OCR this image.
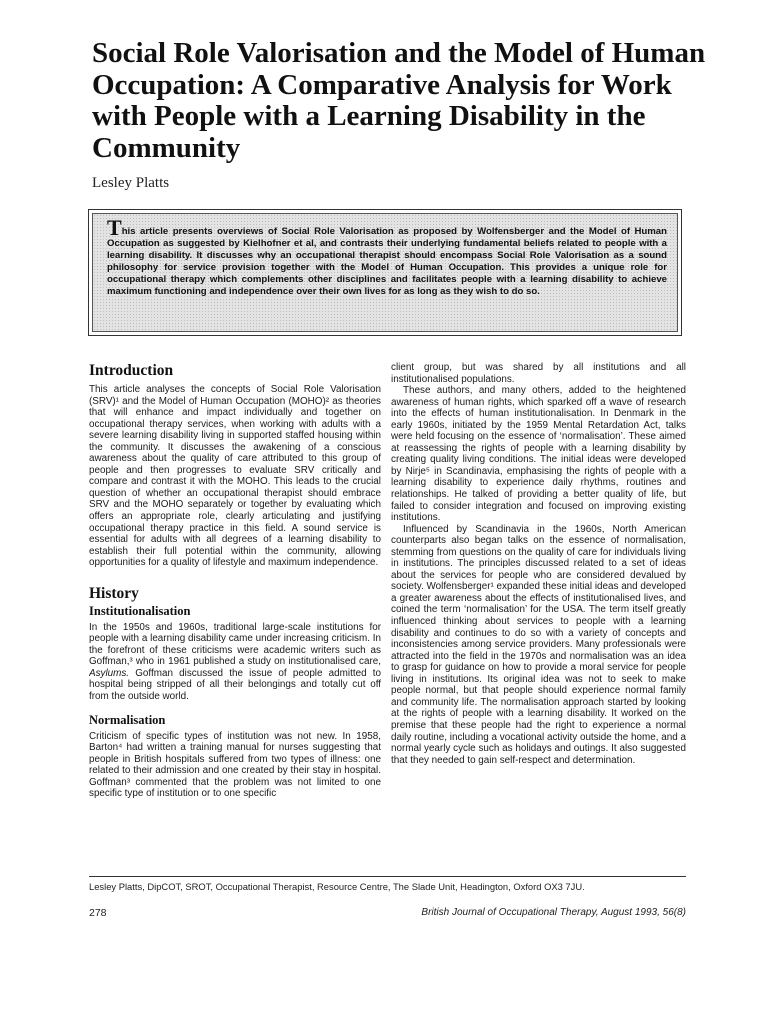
Social Role Valorisation and the Model of Human Occupation: A Comparative Analysis for Work with People with a Learning Disability in the Community

Lesley Platts

This article presents overviews of Social Role Valorisation as proposed by Wolfensberger and the Model of Human Occupation as suggested by Kielhofner et al, and contrasts their underlying fundamental beliefs related to people with a learning disability. It discusses why an occupational therapist should encompass Social Role Valorisation as a sound philosophy for service provision together with the Model of Human Occupation. This provides a unique role for occupational therapy which complements other disciplines and facilitates people with a learning disability to achieve maximum functioning and independence over their own lives for as long as they wish to do so.

Introduction

This article analyses the concepts of Social Role Valorisation (SRV)¹ and the Model of Human Occupation (MOHO)² as theories that will enhance and impact individually and together on occupational therapy services, when working with adults with a severe learning disability living in supported staffed housing within the community. It discusses the awakening of a conscious awareness about the quality of care attributed to this group of people and then progresses to evaluate SRV critically and compare and contrast it with the MOHO. This leads to the crucial question of whether an occupational therapist should embrace SRV and the MOHO separately or together by evaluating which offers an appropriate role, clearly articulating and justifying occupational therapy practice in this field. A sound service is essential for adults with all degrees of a learning disability to establish their full potential within the community, allowing opportunities for a quality of lifestyle and maximum independence.

History
Institutionalisation

In the 1950s and 1960s, traditional large-scale institutions for people with a learning disability came under increasing criticism. In the forefront of these criticisms were academic writers such as Goffman,³ who in 1961 published a study on institutionalised care, Asylums. Goffman discussed the issue of people admitted to hospital being stripped of all their belongings and totally cut off from the outside world.

Normalisation

Criticism of specific types of institution was not new. In 1958, Barton⁴ had written a training manual for nurses suggesting that people in British hospitals suffered from two types of illness: one related to their admission and one created by their stay in hospital. Goffman³ commented that the problem was not limited to one specific type of institution or to one specific

client group, but was shared by all institutions and all institutionalised populations.

These authors, and many others, added to the heightened awareness of human rights, which sparked off a wave of research into the effects of human institutionalisation. In Denmark in the early 1960s, initiated by the 1959 Mental Retardation Act, talks were held focusing on the essence of ‘normalisation’. These aimed at reassessing the rights of people with a learning disability by creating quality living conditions. The initial ideas were developed by Nirje⁵ in Scandinavia, emphasising the rights of people with a learning disability to experience daily rhythms, routines and relationships. He talked of providing a better quality of life, but failed to consider integration and focused on improving existing institutions.

Influenced by Scandinavia in the 1960s, North American counterparts also began talks on the essence of normalisation, stemming from questions on the quality of care for individuals living in institutions. The principles discussed related to a set of ideas about the services for people who are considered devalued by society. Wolfensberger¹ expanded these initial ideas and developed a greater awareness about the effects of institutionalised lives, and coined the term ‘normalisation’ for the USA. The term itself greatly influenced thinking about services to people with a learning disability and continues to do so with a variety of concepts and inconsistencies among service providers. Many professionals were attracted into the field in the 1970s and normalisation was an idea to grasp for guidance on how to provide a moral service for people living in institutions. Its original idea was not to seek to make people normal, but that people should experience normal family and community life. The normalisation approach started by looking at the rights of people with a learning disability. It worked on the premise that these people had the right to experience a normal daily routine, including a vocational activity outside the home, and a normal yearly cycle such as holidays and outings. It also suggested that they needed to gain self-respect and determination.

Lesley Platts, DipCOT, SROT, Occupational Therapist, Resource Centre, The Slade Unit, Headington, Oxford OX3 7JU.

278	British Journal of Occupational Therapy, August 1993, 56(8)
